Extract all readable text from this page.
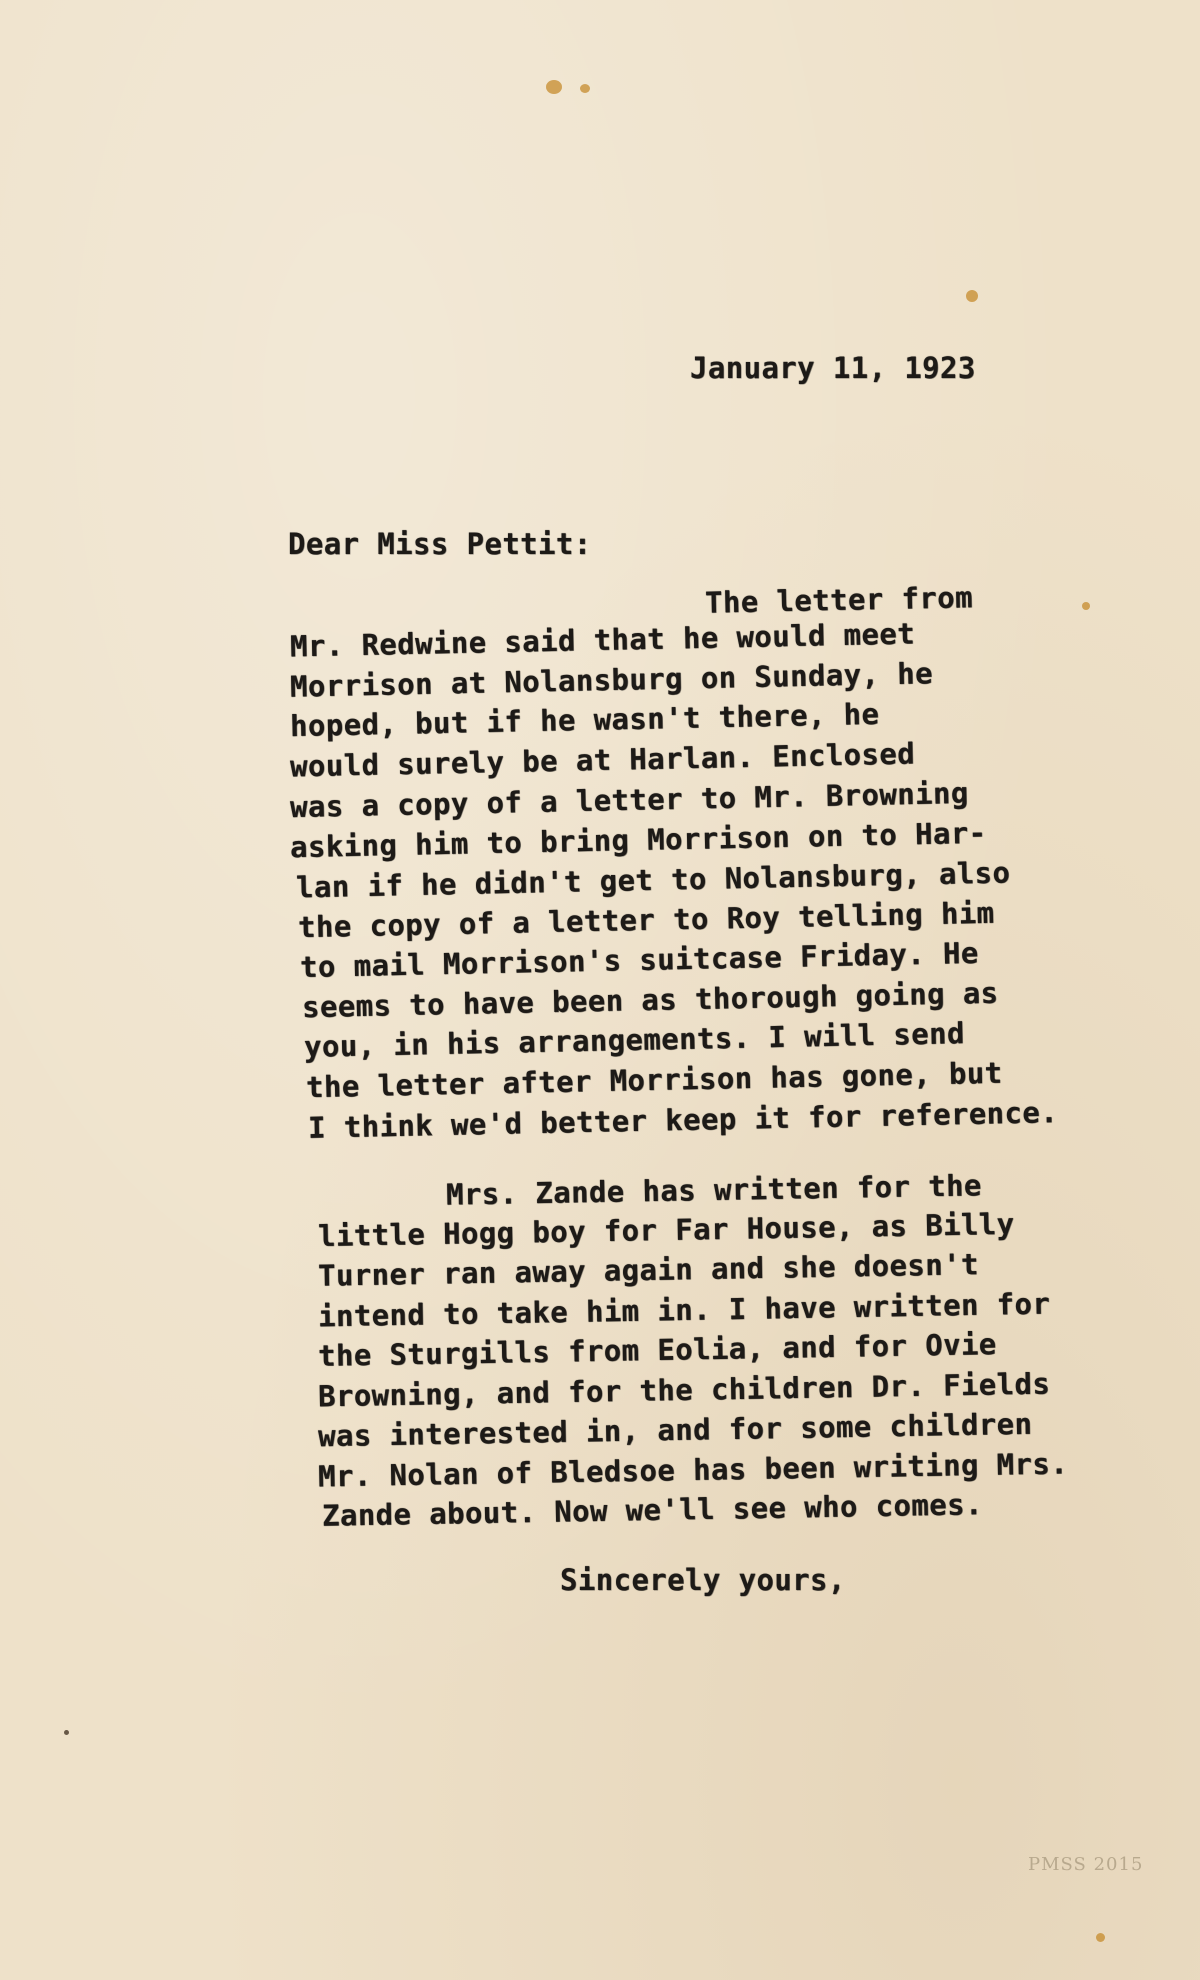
January 11, 1923
Dear Miss Pettit:
The letter from
Mr. Redwine said that he would meet
Morrison at Nolansburg on Sunday, he
hoped, but if he wasn't there, he
would surely be at Harlan. Enclosed
was a copy of a letter to Mr. Browning
asking him to bring Morrison on to Har-
lan if he didn't get to Nolansburg, also
the copy of a letter to Roy telling him
to mail Morrison's suitcase Friday. He
seems to have been as thorough going as
you, in his arrangements. I will send
the letter after Morrison has gone, but
I think we'd better keep it for reference.
Mrs. Zande has written for the
little Hogg boy for Far House, as Billy
Turner ran away again and she doesn't
intend to take him in. I have written for
the Sturgills from Eolia, and for Ovie
Browning, and for the children Dr. Fields
was interested in, and for some children
Mr. Nolan of Bledsoe has been writing Mrs.
Zande about. Now we'll see who comes.
Sincerely yours,
PMSS 2015
